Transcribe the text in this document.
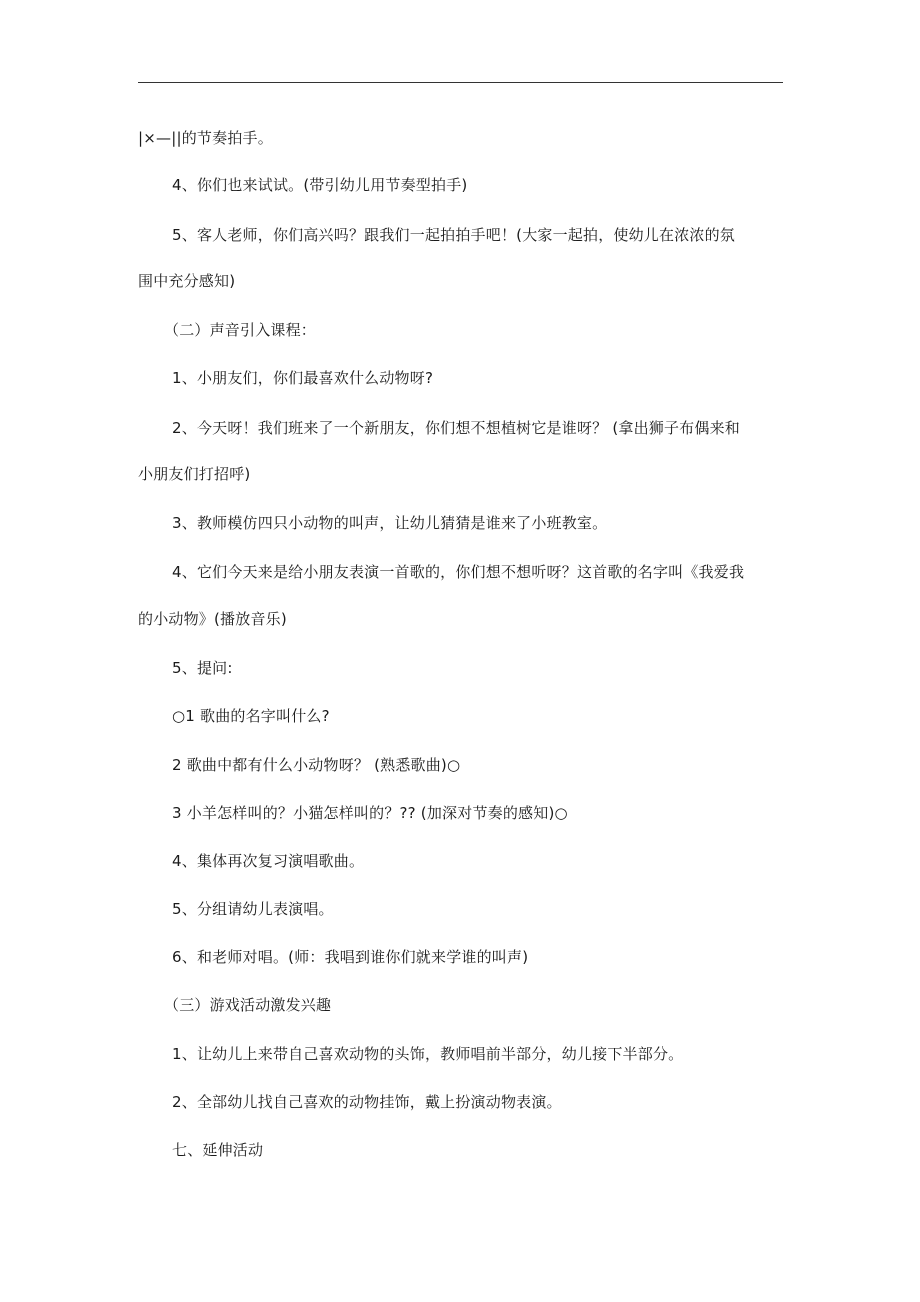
|×—||的节奏拍手。
4、你们也来试试。(带引幼儿用节奏型拍手)
5、客人老师，你们高兴吗？跟我们一起拍拍手吧！(大家一起拍，使幼儿在浓浓的氛
围中充分感知)
（二）声音引入课程：
1、小朋友们，你们最喜欢什么动物呀?
2、今天呀！我们班来了一个新朋友，你们想不想植树它是谁呀？ (拿出狮子布偶来和
小朋友们打招呼)
3、教师模仿四只小动物的叫声，让幼儿猜猜是谁来了小班教室。
4、它们今天来是给小朋友表演一首歌的，你们想不想听呀？这首歌的名字叫《我爱我
的小动物》(播放音乐)
5、提问:
○1 歌曲的名字叫什么?
2 歌曲中都有什么小动物呀？ (熟悉歌曲)○
3 小羊怎样叫的？小猫怎样叫的？?? (加深对节奏的感知)○
4、集体再次复习演唱歌曲。
5、分组请幼儿表演唱。
6、和老师对唱。(师：我唱到谁你们就来学谁的叫声)
（三）游戏活动激发兴趣
1、让幼儿上来带自己喜欢动物的头饰，教师唱前半部分，幼儿接下半部分。
2、全部幼儿找自己喜欢的动物挂饰，戴上扮演动物表演。
七、延伸活动
